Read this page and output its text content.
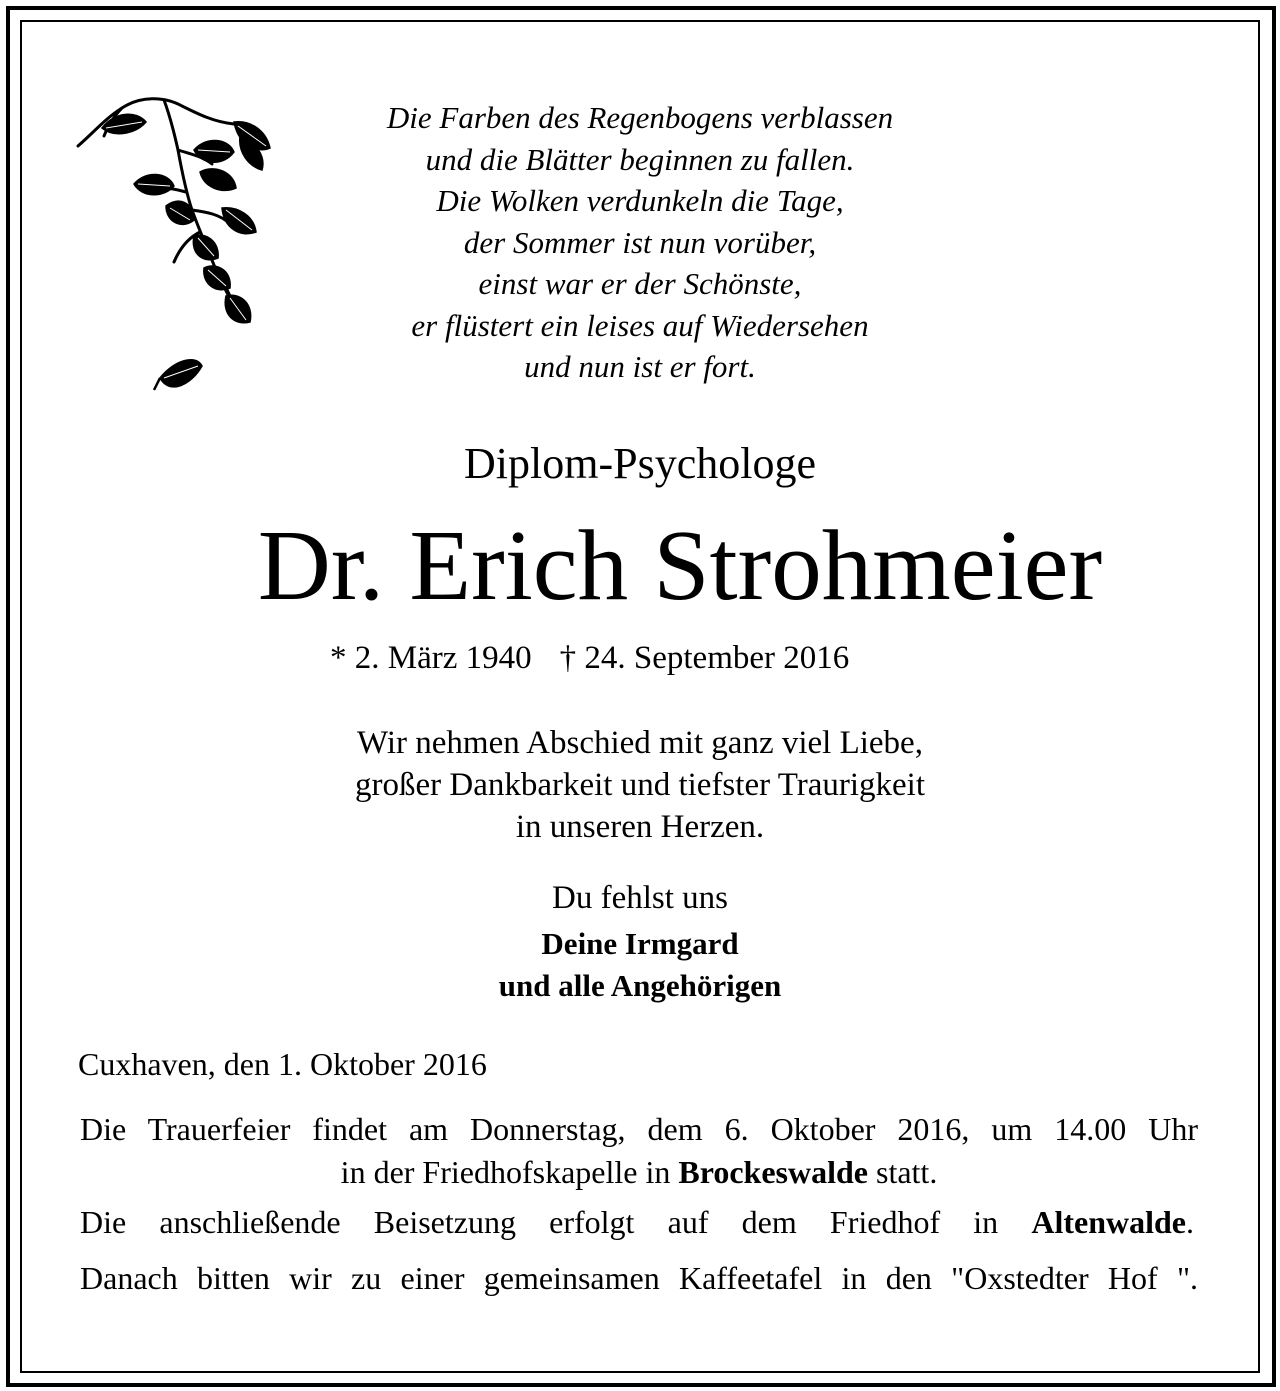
Die Farben des Regenbogens verblassen
und die Blätter beginnen zu fallen.
Die Wolken verdunkeln die Tage,
der Sommer ist nun vorüber,
einst war er der Schönste,
er flüstert ein leises auf Wiedersehen
und nun ist er fort.
Diplom-Psychologe
Dr. Erich Strohmeier
* 2. März 1940 † 24. September 2016
Wir nehmen Abschied mit ganz viel Liebe,
großer Dankbarkeit und tiefster Traurigkeit
in unseren Herzen.
Du fehlst uns
Deine Irmgard
und alle Angehörigen
Cuxhaven, den 1. Oktober 2016
Die Trauerfeier findet am Donnerstag, dem 6. Oktober 2016, um 14.00 Uhr
in der Friedhofskapelle in Brockeswalde statt.
Die anschließende Beisetzung erfolgt auf dem Friedhof in Altenwalde.
Danach bitten wir zu einer gemeinsamen Kaffeetafel in den "Oxstedter Hof ".
